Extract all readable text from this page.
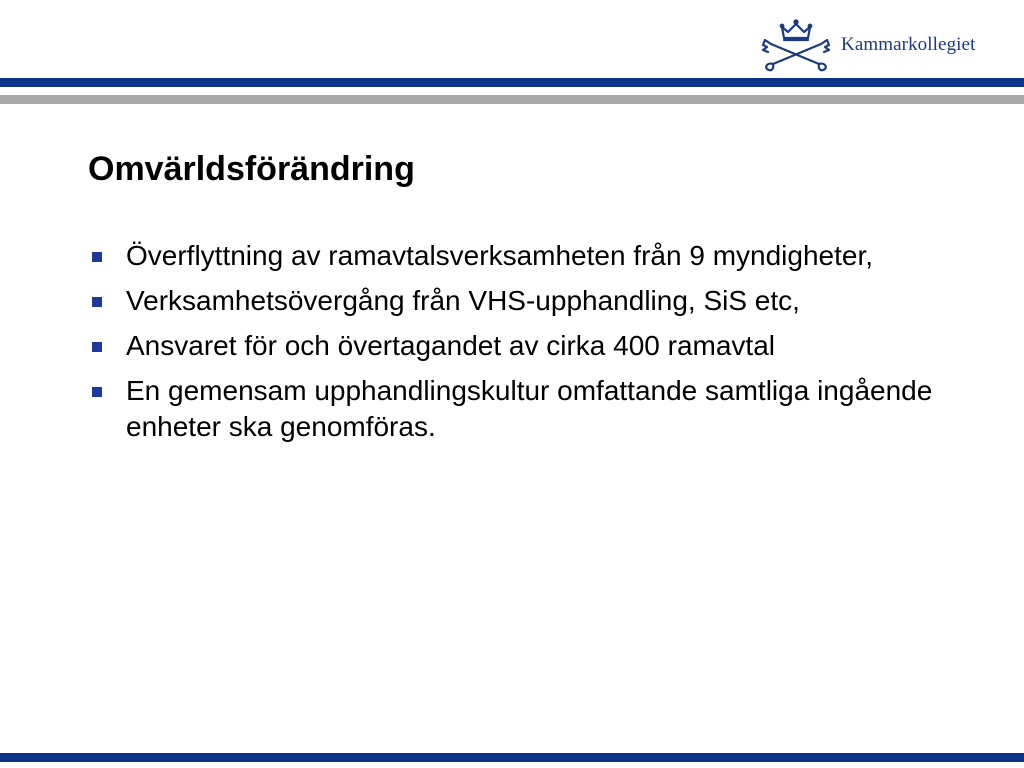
Kammarkollegiet
Omvärldsförändring
Överflyttning av ramavtalsverksamheten från 9 myndigheter,
Verksamhetsövergång från VHS-upphandling, SiS etc,
Ansvaret för och övertagandet av cirka 400 ramavtal
En gemensam upphandlingskultur omfattande samtliga ingående enheter ska genomföras.
